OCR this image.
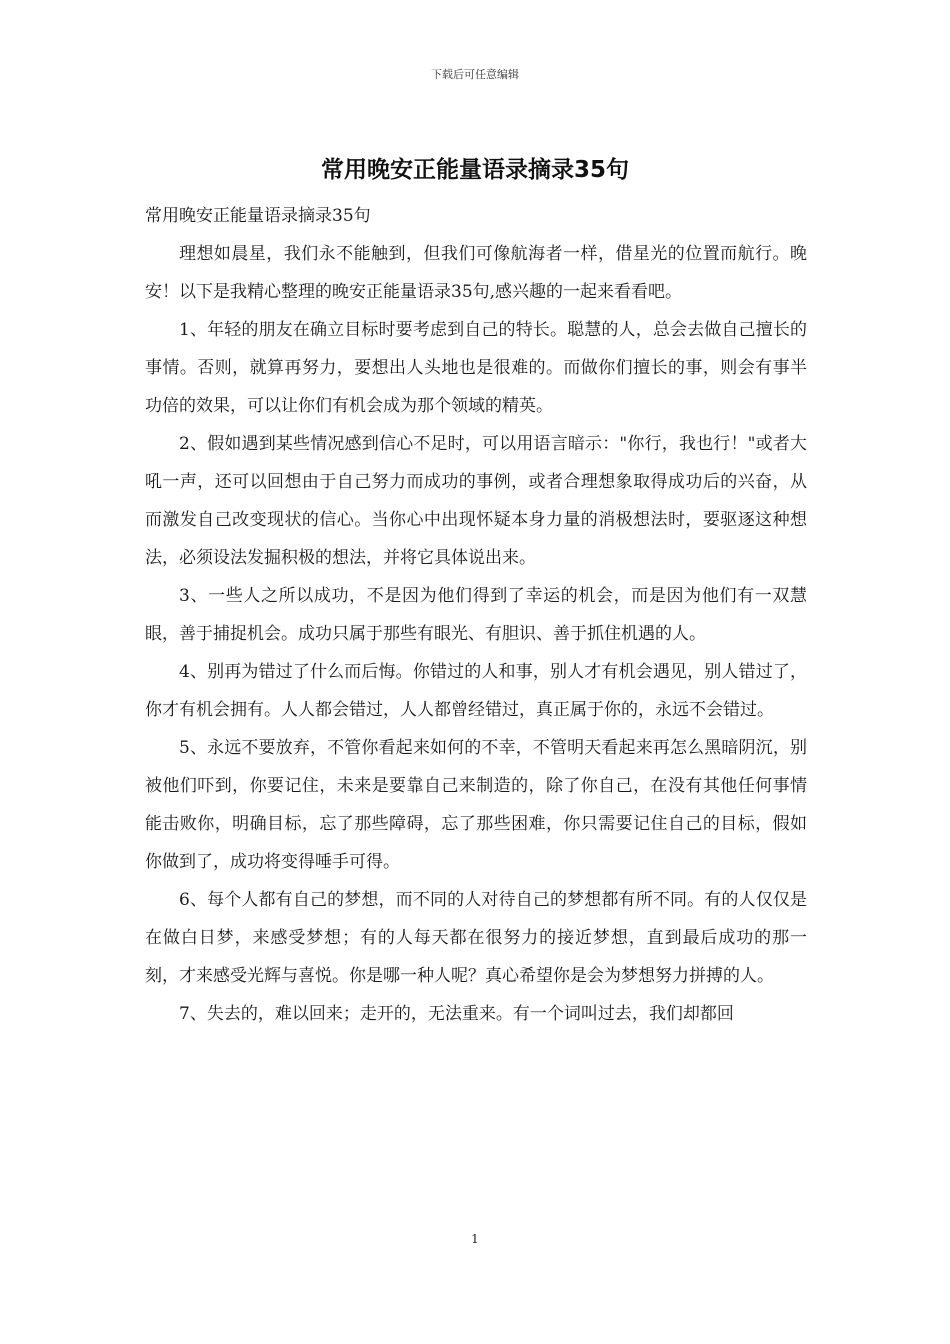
下载后可任意编辑
常用晚安正能量语录摘录35句

常用晚安正能量语录摘录35句

理想如晨星，我们永不能触到，但我们可像航海者一样，借星光的位置而航行。晚安！以下是我精心整理的晚安正能量语录35句,感兴趣的一起来看看吧。

1、年轻的朋友在确立目标时要考虑到自己的特长。聪慧的人，总会去做自己擅长的事情。否则，就算再努力，要想出人头地也是很难的。而做你们擅长的事，则会有事半功倍的效果，可以让你们有机会成为那个领域的精英。

2、假如遇到某些情况感到信心不足时，可以用语言暗示："你行，我也行！"或者大吼一声，还可以回想由于自己努力而成功的事例，或者合理想象取得成功后的兴奋，从而激发自己改变现状的信心。当你心中出现怀疑本身力量的消极想法时，要驱逐这种想法，必须设法发掘积极的想法，并将它具体说出来。

3、一些人之所以成功，不是因为他们得到了幸运的机会，而是因为他们有一双慧眼，善于捕捉机会。成功只属于那些有眼光、有胆识、善于抓住机遇的人。

4、别再为错过了什么而后悔。你错过的人和事，别人才有机会遇见，别人错过了，你才有机会拥有。人人都会错过，人人都曾经错过，真正属于你的，永远不会错过。

5、永远不要放弃，不管你看起来如何的不幸，不管明天看起来再怎么黑暗阴沉，别被他们吓到，你要记住，未来是要靠自己来制造的，除了你自己，在没有其他任何事情能击败你，明确目标，忘了那些障碍，忘了那些困难，你只需要记住自己的目标，假如你做到了，成功将变得唾手可得。

6、每个人都有自己的梦想，而不同的人对待自己的梦想都有所不同。有的人仅仅是在做白日梦，来感受梦想；有的人每天都在很努力的接近梦想，直到最后成功的那一刻，才来感受光辉与喜悦。你是哪一种人呢？真心希望你是会为梦想努力拼搏的人。

7、失去的，难以回来；走开的，无法重来。有一个词叫过去，我们却都回

1
